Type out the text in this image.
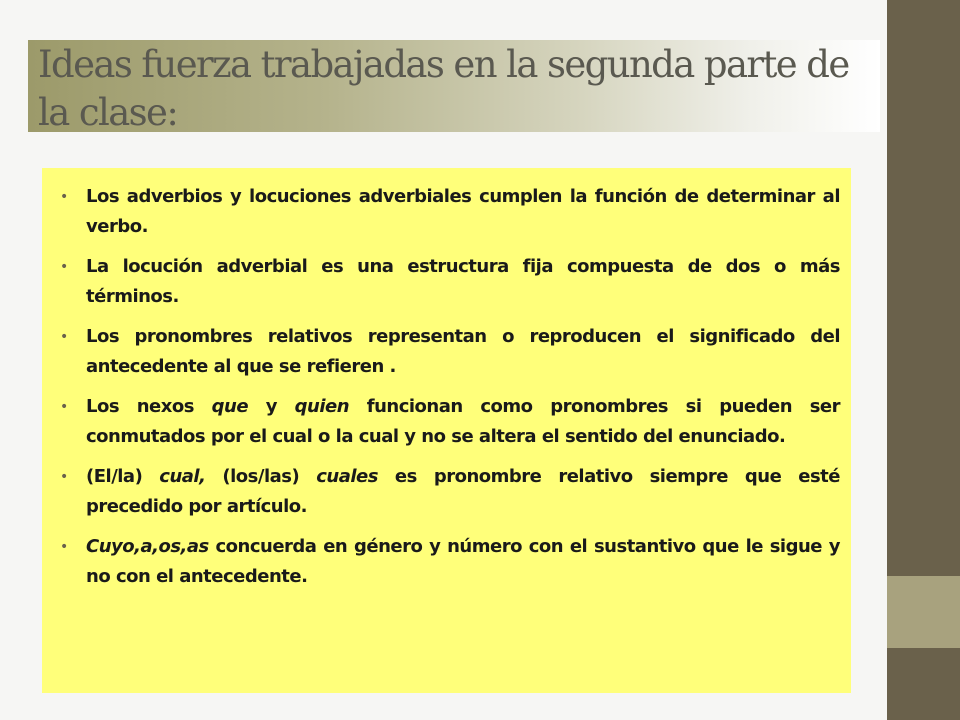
Ideas fuerza trabajadas en la segunda parte de la clase:
• Los adverbios y locuciones adverbiales cumplen la función de determinar al verbo.
• La locución adverbial es una estructura fija compuesta de dos o más términos.
• Los pronombres relativos representan o reproducen el significado del antecedente al que se refieren .
• Los nexos que y quien funcionan como pronombres si pueden ser conmutados por el cual o la cual y no se altera el sentido del enunciado.
• (El/la) cual, (los/las) cuales es pronombre relativo siempre que esté precedido por artículo.
• Cuyo,a,os,as concuerda en género y número con el sustantivo que le sigue y no con el antecedente.
